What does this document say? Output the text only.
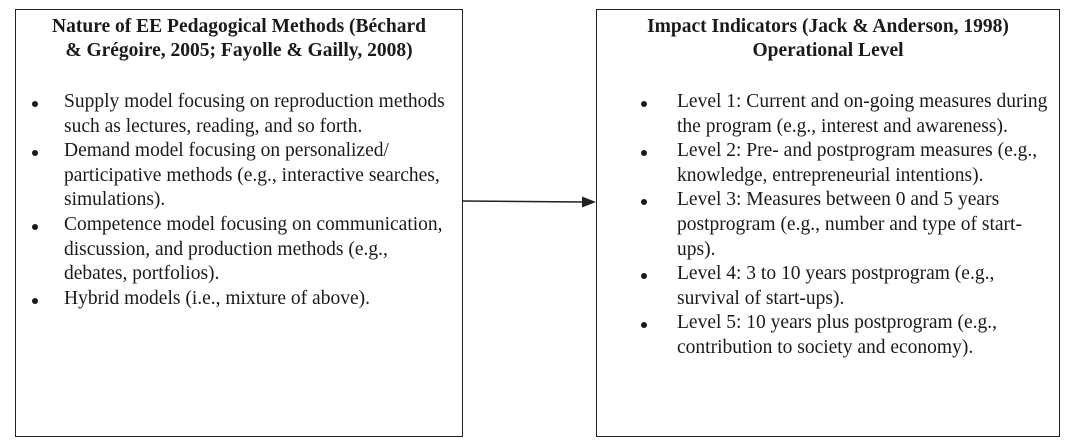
Nature of EE Pedagogical Methods (Béchard
& Grégoire, 2005; Fayolle & Gailly, 2008)
Supply model focusing on reproduction methods such as lectures, reading, and so forth.
Demand model focusing on personalized/ participative methods (e.g., interactive searches, simulations).
Competence model focusing on communication, discussion, and production methods (e.g., debates, portfolios).
Hybrid models (i.e., mixture of above).
Impact Indicators (Jack & Anderson, 1998)
Operational Level
Level 1: Current and on-going measures during the program (e.g., interest and awareness).
Level 2: Pre- and postprogram measures (e.g., knowledge, entrepreneurial intentions).
Level 3: Measures between 0 and 5 years postprogram (e.g., number and type of start-ups).
Level 4: 3 to 10 years postprogram (e.g., survival of start-ups).
Level 5: 10 years plus postprogram (e.g., contribution to society and economy).
